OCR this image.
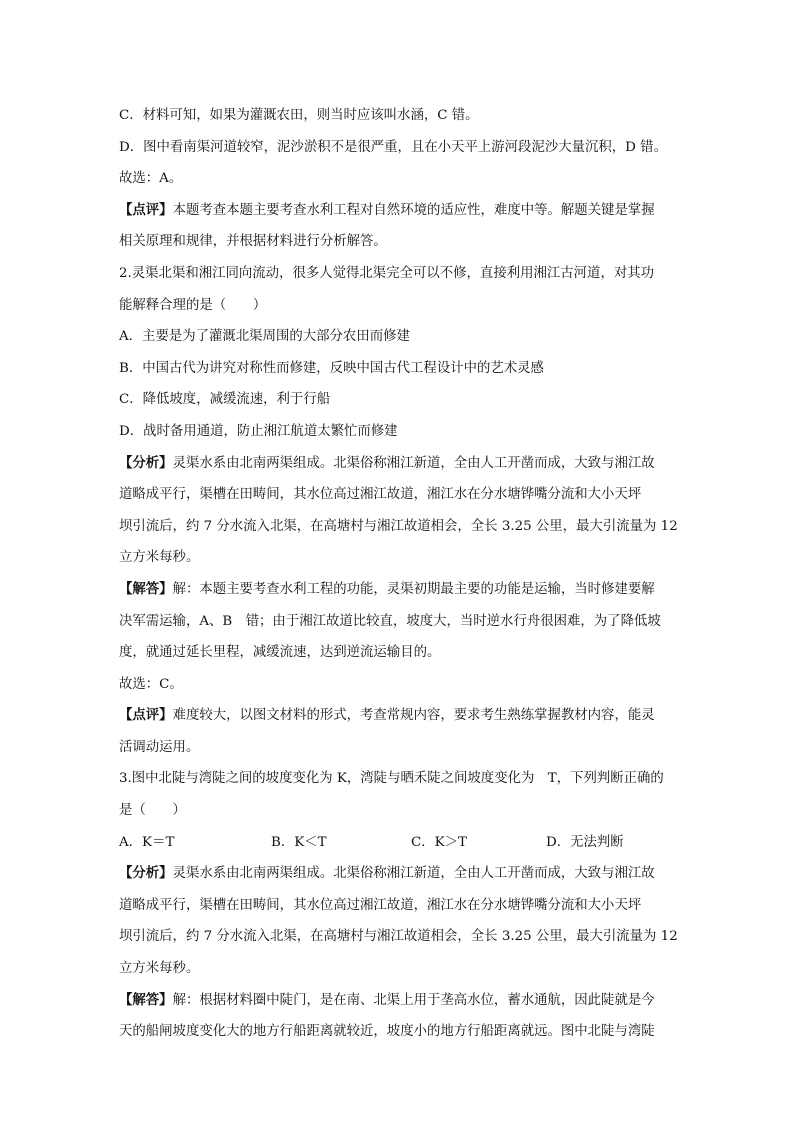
C．材料可知，如果为灌溉农田，则当时应该叫水涵，C 错。
D．图中看南渠河道较窄，泥沙淤积不是很严重，且在小天平上游河段泥沙大量沉积，D 错。
故选：A。
【点评】本题考查本题主要考查水利工程对自然环境的适应性，难度中等。解题关键是掌握
相关原理和规律，并根据材料进行分析解答。
2.灵渠北渠和湘江同向流动，很多人觉得北渠完全可以不修，直接利用湘江古河道，对其功
能解释合理的是（　　）
A．主要是为了灌溉北渠周围的大部分农田而修建
B．中国古代为讲究对称性而修建，反映中国古代工程设计中的艺术灵感
C．降低坡度，减缓流速，利于行船
D．战时备用通道，防止湘江航道太繁忙而修建
【分析】灵渠水系由北南两渠组成。北渠俗称湘江新道，全由人工开凿而成，大致与湘江故
道略成平行，渠槽在田畴间，其水位高过湘江故道，湘江水在分水塘铧嘴分流和大小天坪
坝引流后，约 7 分水流入北渠，在高塘村与湘江故道相会，全长 3.25 公里，最大引流量为 12
立方米每秒。
【解答】解：本题主要考查水利工程的功能，灵渠初期最主要的功能是运输，当时修建要解
决军需运输，A、B　错；由于湘江故道比较直，坡度大，当时逆水行舟很困难，为了降低坡
度，就通过延长里程，减缓流速，达到逆流运输目的。
故选：C。
【点评】难度较大，以图文材料的形式，考查常规内容，要求考生熟练掌握教材内容，能灵
活调动运用。
3.图中北陡与湾陡之间的坡度变化为 K，湾陡与晒禾陡之间坡度变化为　T，下列判断正确的
是（　　）
A．K＝T	B．K＜T	C．K＞T	D．无法判断
【分析】灵渠水系由北南两渠组成。北渠俗称湘江新道，全由人工开凿而成，大致与湘江故
道略成平行，渠槽在田畴间，其水位高过湘江故道，湘江水在分水塘铧嘴分流和大小天坪
坝引流后，约 7 分水流入北渠，在高塘村与湘江故道相会，全长 3.25 公里，最大引流量为 12
立方米每秒。
【解答】解：根据材料圈中陡门，是在南、北渠上用于垄高水位，蓄水通航，因此陡就是今
天的船闸坡度变化大的地方行船距离就较近，坡度小的地方行船距离就远。图中北陡与湾陡
